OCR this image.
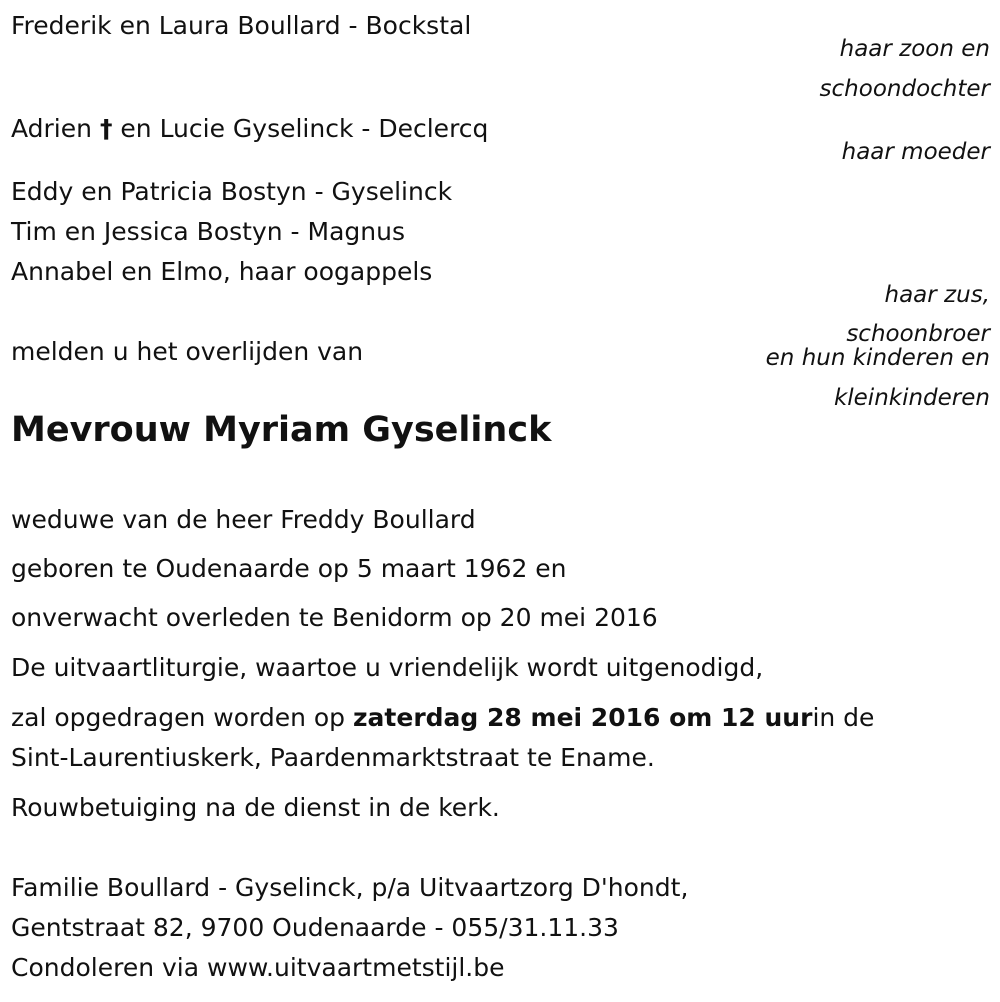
Frederik en Laura Boullard - Bockstal
Adrien † en Lucie Gyselinck - Declercq
Eddy en Patricia Bostyn - Gyselinck
Tim en Jessica Bostyn - Magnus
Annabel en Elmo, haar oogappels
melden u het overlijden van
haar zoon en
schoondochter
haar moeder
haar zus,
schoonbroer
en hun kinderen en
kleinkinderen
Mevrouw Myriam Gyselinck
weduwe van de heer Freddy Boullard
geboren te Oudenaarde op 5 maart 1962 en
onverwacht overleden te Benidorm op 20 mei 2016
De uitvaartliturgie, waartoe u vriendelijk wordt uitgenodigd,
zal opgedragen worden op zaterdag 28 mei 2016 om 12 uurin de
Sint-Laurentiuskerk, Paardenmarktstraat te Ename.
Rouwbetuiging na de dienst in de kerk.
Familie Boullard - Gyselinck, p/a Uitvaartzorg D'hondt,
Gentstraat 82, 9700 Oudenaarde - 055/31.11.33
Condoleren via www.uitvaartmetstijl.be
